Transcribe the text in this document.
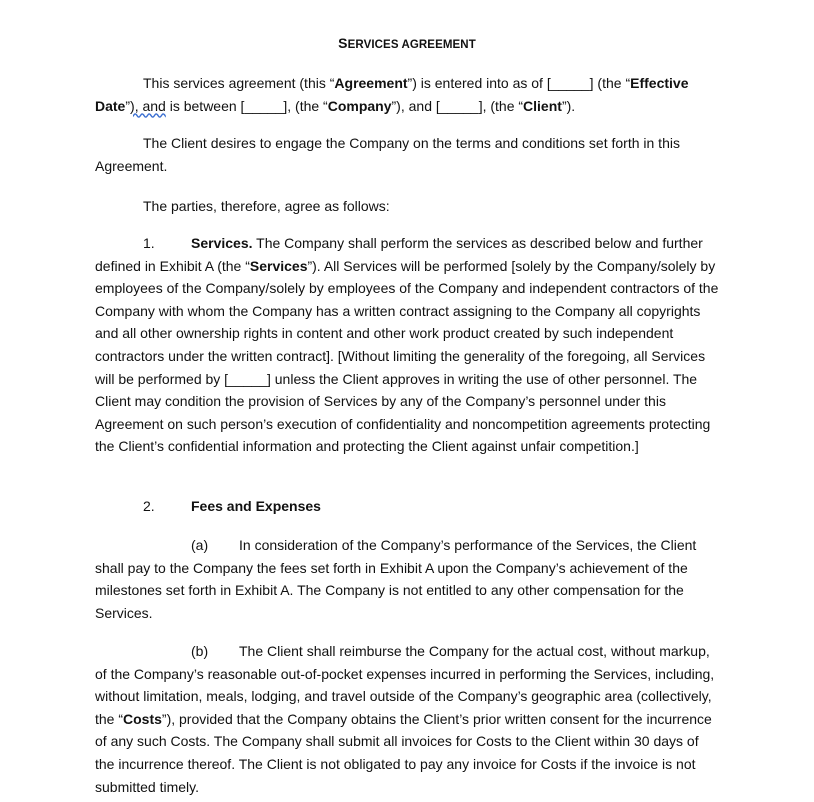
SERVICES AGREEMENT

This services agreement (this “Agreement”) is entered into as of [_____] (the “Effective Date”), and is between [_____], (the “Company”), and [_____], (the “Client”).

The Client desires to engage the Company on the terms and conditions set forth in this Agreement.

The parties, therefore, agree as follows:

1.	Services. The Company shall perform the services as described below and further defined in Exhibit A (the “Services”). All Services will be performed [solely by the Company/solely by employees of the Company/solely by employees of the Company and independent contractors of the Company with whom the Company has a written contract assigning to the Company all copyrights and all other ownership rights in content and other work product created by such independent contractors under the written contract]. [Without limiting the generality of the foregoing, all Services will be performed by [_____] unless the Client approves in writing the use of other personnel. The Client may condition the provision of Services by any of the Company’s personnel under this Agreement on such person’s execution of confidentiality and noncompetition agreements protecting the Client’s confidential information and protecting the Client against unfair competition.]

2.	Fees and Expenses

(a) In consideration of the Company’s performance of the Services, the Client shall pay to the Company the fees set forth in Exhibit A upon the Company’s achievement of the milestones set forth in Exhibit A. The Company is not entitled to any other compensation for the Services.

(b) The Client shall reimburse the Company for the actual cost, without markup, of the Company’s reasonable out-of-pocket expenses incurred in performing the Services, including, without limitation, meals, lodging, and travel outside of the Company’s geographic area (collectively, the “Costs”), provided that the Company obtains the Client’s prior written consent for the incurrence of any such Costs. The Company shall submit all invoices for Costs to the Client within 30 days of the incurrence thereof. The Client is not obligated to pay any invoice for Costs if the invoice is not submitted timely.
